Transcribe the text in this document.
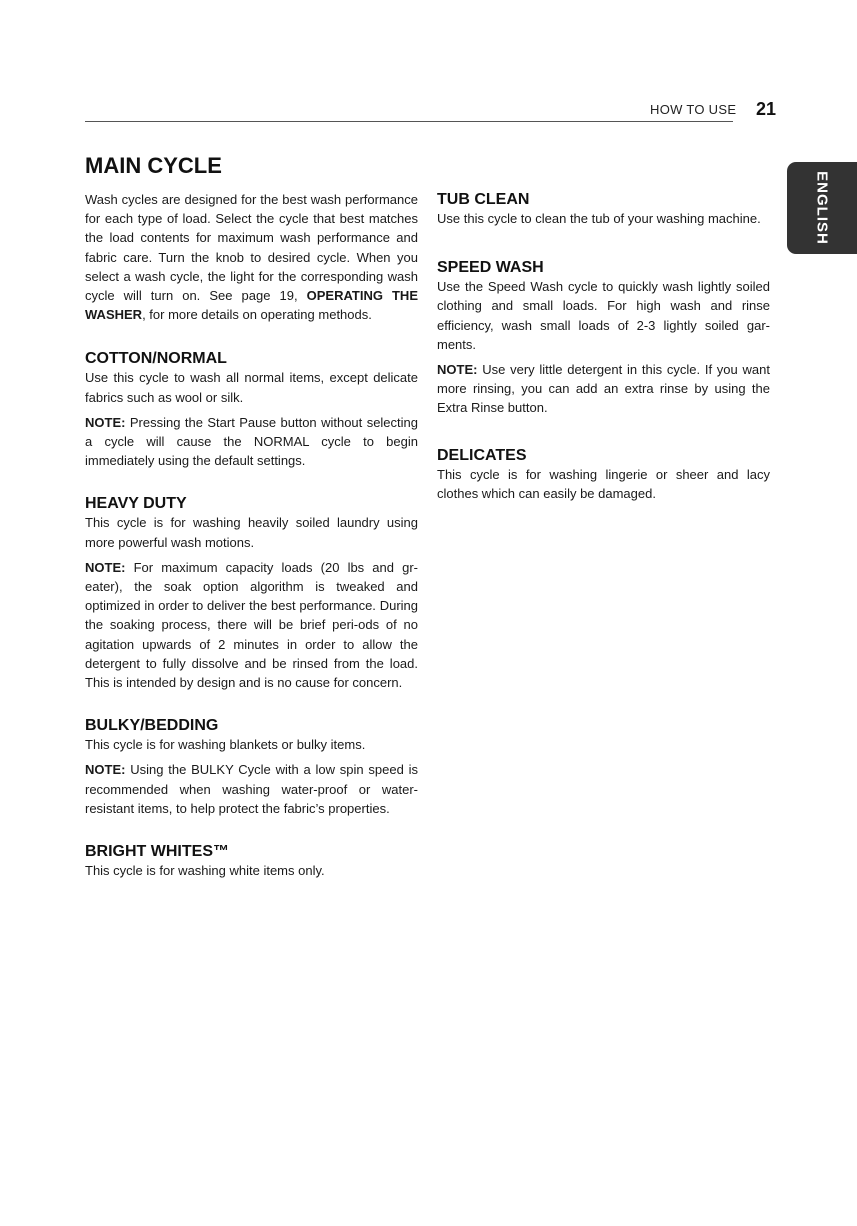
HOW TO USE 21
ENGLISH
MAIN CYCLE

Wash cycles are designed for the best wash performance for each type of load. Select the cycle that best matches the load contents for maximum wash performance and fabric care. Turn the knob to desired cycle. When you select a wash cycle, the light for the corresponding wash cycle will turn on. See page 19, OPERATING THE WASHER, for more details on operating methods.

COTTON/NORMAL

Use this cycle to wash all normal items, except delicate fabrics such as wool or silk.

NOTE: Pressing the Start Pause button without selecting a cycle will cause the NORMAL cycle to begin immediately using the default settings.

HEAVY DUTY

This cycle is for washing heavily soiled laundry using more powerful wash motions.

NOTE: For maximum capacity loads (20 lbs and gr-eater), the soak option algorithm is tweaked and optimized in order to deliver the best performance. During the soaking process, there will be brief peri-ods of no agitation upwards of 2 minutes in order to allow the detergent to fully dissolve and be rinsed from the load. This is intended by design and is no cause for concern.

BULKY/BEDDING

This cycle is for washing blankets or bulky items.

NOTE: Using the BULKY Cycle with a low spin speed is recommended when washing water-proof or water-resistant items, to help protect the fabric’s properties.

BRIGHT WHITES™

This cycle is for washing white items only.

TUB CLEAN

Use this cycle to clean the tub of your washing machine.

SPEED WASH

Use the Speed Wash cycle to quickly wash lightly soiled clothing and small loads. For high wash and rinse efficiency, wash small loads of 2-3 lightly soiled gar-ments.

NOTE: Use very little detergent in this cycle. If you want more rinsing, you can add an extra rinse by using the Extra Rinse button.

DELICATES

This cycle is for washing lingerie or sheer and lacy clothes which can easily be damaged.
